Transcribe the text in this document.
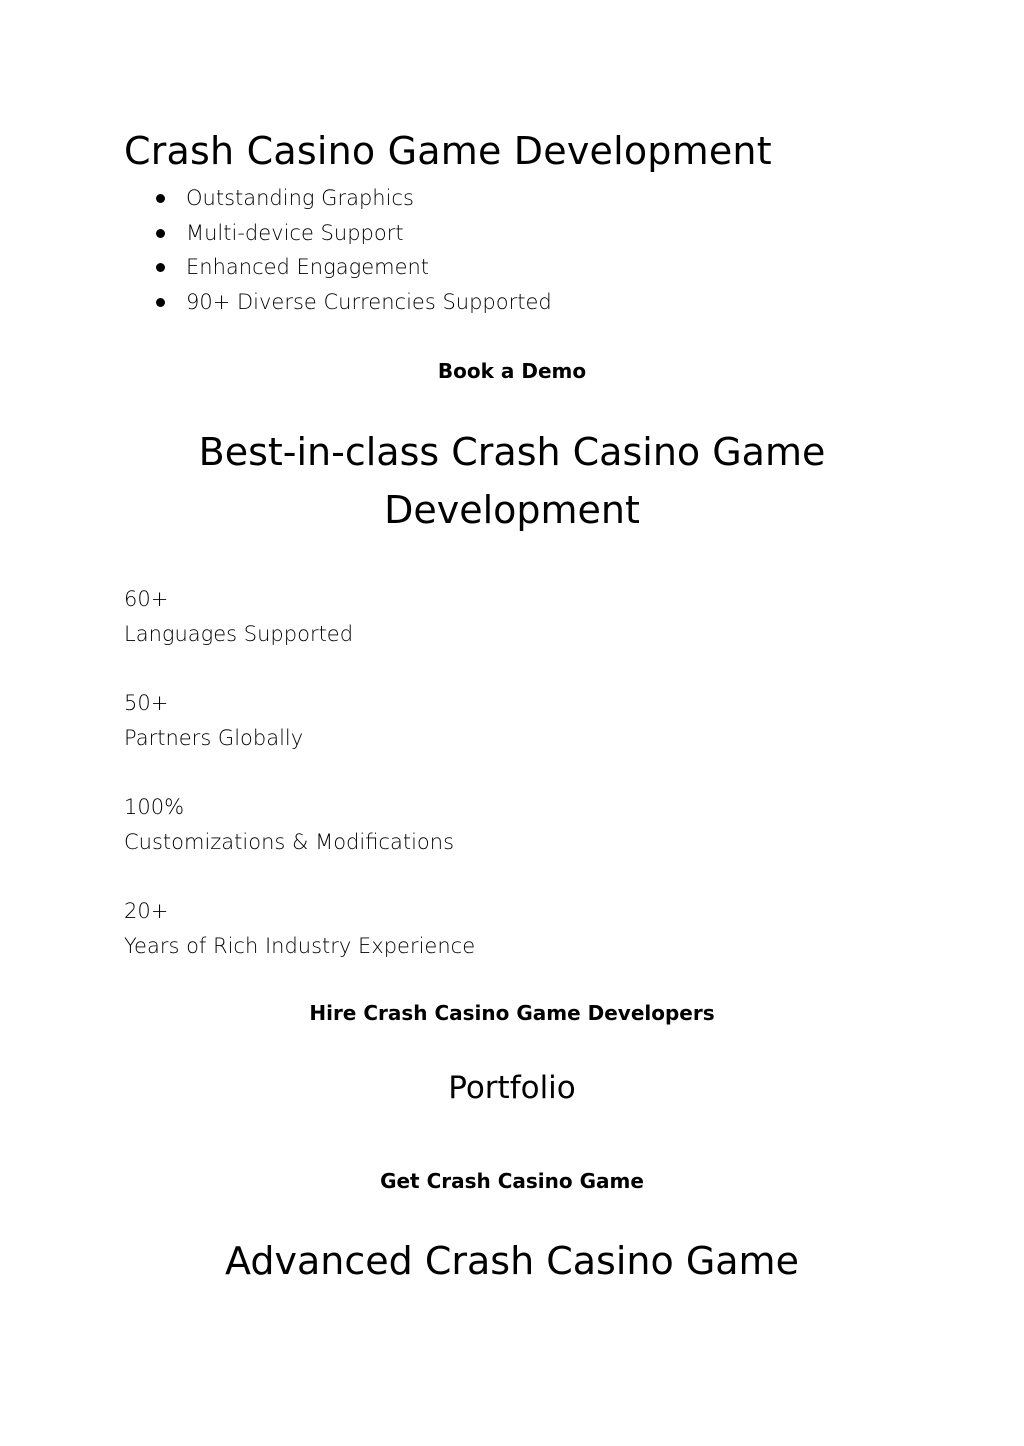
Crash Casino Game Development
Outstanding Graphics
Multi-device Support
Enhanced Engagement
90+ Diverse Currencies Supported
Book a Demo
Best-in-class Crash Casino Game
Development
60+
Languages Supported
50+
Partners Globally
100%
Customizations & Modifications
20+
Years of Rich Industry Experience
Hire Crash Casino Game Developers
Portfolio
Get Crash Casino Game
Advanced Crash Casino Game
